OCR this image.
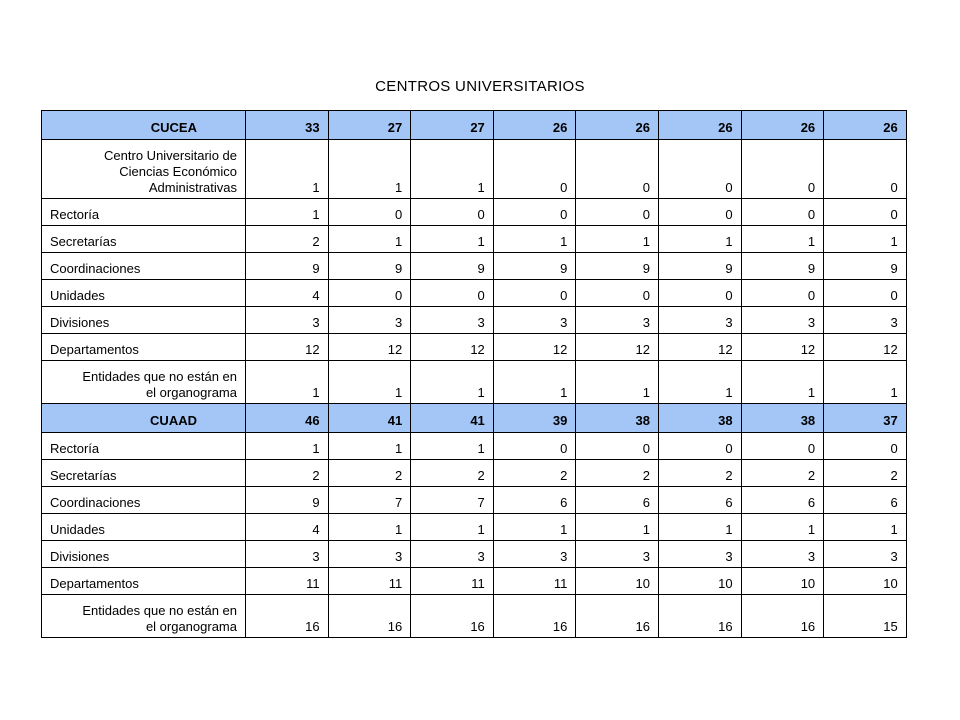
CENTROS UNIVERSITARIOS
CUCEA	33	27	27	26	26	26	26	26

Centro Universitario de
Ciencias Económico
Administrativas	1	1	1	0	0	0	0	0
Rectoría	1	0	0	0	0	0	0	0
Secretarías	2	1	1	1	1	1	1	1
Coordinaciones	9	9	9	9	9	9	9	9
Unidades	4	0	0	0	0	0	0	0
Divisiones	3	3	3	3	3	3	3	3
Departamentos	12	12	12	12	12	12	12	12

Entidades que no están en
el organograma	1	1	1	1	1	1	1	1
CUAAD	46	41	41	39	38	38	38	37
Rectoría	1	1	1	0	0	0	0	0
Secretarías	2	2	2	2	2	2	2	2
Coordinaciones	9	7	7	6	6	6	6	6
Unidades	4	1	1	1	1	1	1	1
Divisiones	3	3	3	3	3	3	3	3
Departamentos	11	11	11	11	10	10	10	10

Entidades que no están en
el organograma	16	16	16	16	16	16	16	15
